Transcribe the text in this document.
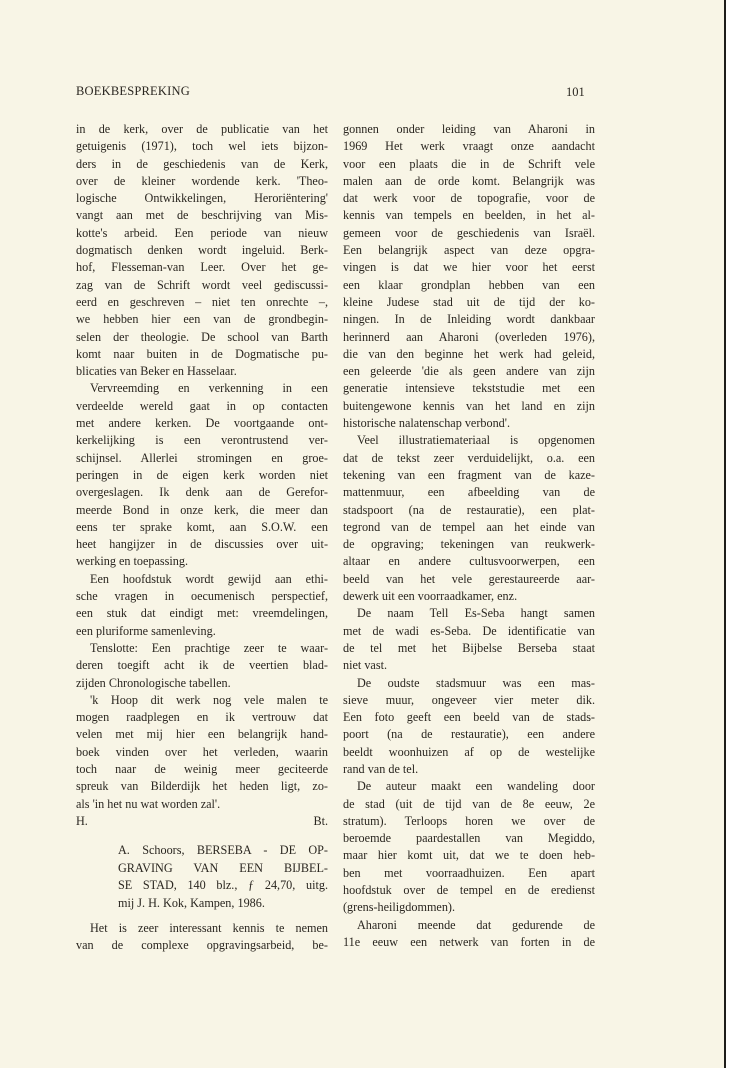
BOEKBESPREKING	101
in de kerk, over de publicatie van het
getuigenis (1971), toch wel iets bijzon-
ders in de geschiedenis van de Kerk,
over de kleiner wordende kerk. 'Theo-
logische Ontwikkelingen, Heroriëntering'
vangt aan met de beschrijving van Mis-
kotte's arbeid. Een periode van nieuw
dogmatisch denken wordt ingeluid. Berk-
hof, Flesseman-van Leer. Over het ge-
zag van de Schrift wordt veel gediscussi-
eerd en geschreven – niet ten onrechte –,
we hebben hier een van de grondbegin-
selen der theologie. De school van Barth
komt naar buiten in de Dogmatische pu-
blicaties van Beker en Hasselaar.
Vervreemding en verkenning in een
verdeelde wereld gaat in op contacten
met andere kerken. De voortgaande ont-
kerkelijking is een verontrustend ver-
schijnsel. Allerlei stromingen en groe-
peringen in de eigen kerk worden niet
overgeslagen. Ik denk aan de Gerefor-
meerde Bond in onze kerk, die meer dan
eens ter sprake komt, aan S.O.W. een
heet hangijzer in de discussies over uit-
werking en toepassing.
Een hoofdstuk wordt gewijd aan ethi-
sche vragen in oecumenisch perspectief,
een stuk dat eindigt met: vreemdelingen,
een pluriforme samenleving.
Tenslotte: Een prachtige zeer te waar-
deren toegift acht ik de veertien blad-
zijden Chronologische tabellen.
'k Hoop dit werk nog vele malen te
mogen raadplegen en ik vertrouw dat
velen met mij hier een belangrijk hand-
boek vinden over het verleden, waarin
toch naar de weinig meer geciteerde
spreuk van Bilderdijk het heden ligt, zo-
als 'in het nu wat worden zal'.
H.	Bt.
A. Schoors, BERSEBA - DE OP-
GRAVING VAN EEN BIJBEL-
SE STAD, 140 blz., ƒ 24,70, uitg.
mij J. H. Kok, Kampen, 1986.
Het is zeer interessant kennis te nemen
van de complexe opgravingsarbeid, be-
gonnen onder leiding van Aharoni in
1969 Het werk vraagt onze aandacht
voor een plaats die in de Schrift vele
malen aan de orde komt. Belangrijk was
dat werk voor de topografie, voor de
kennis van tempels en beelden, in het al-
gemeen voor de geschiedenis van Israël.
Een belangrijk aspect van deze opgra-
vingen is dat we hier voor het eerst
een klaar grondplan hebben van een
kleine Judese stad uit de tijd der ko-
ningen. In de Inleiding wordt dankbaar
herinnerd aan Aharoni (overleden 1976),
die van den beginne het werk had geleid,
een geleerde 'die als geen andere van zijn
generatie intensieve tekststudie met een
buitengewone kennis van het land en zijn
historische nalatenschap verbond'.
Veel illustratiemateriaal is opgenomen
dat de tekst zeer verduidelijkt, o.a. een
tekening van een fragment van de kaze-
mattenmuur, een afbeelding van de
stadspoort (na de restauratie), een plat-
tegrond van de tempel aan het einde van
de opgraving; tekeningen van reukwerk-
altaar en andere cultusvoorwerpen, een
beeld van het vele gerestaureerde aar-
dewerk uit een voorraadkamer, enz.
De naam Tell Es-Seba hangt samen
met de wadi es-Seba. De identificatie van
de tel met het Bijbelse Berseba staat
niet vast.
De oudste stadsmuur was een mas-
sieve muur, ongeveer vier meter dik.
Een foto geeft een beeld van de stads-
poort (na de restauratie), een andere
beeldt woonhuizen af op de westelijke
rand van de tel.
De auteur maakt een wandeling door
de stad (uit de tijd van de 8e eeuw, 2e
stratum). Terloops horen we over de
beroemde paardestallen van Megiddo,
maar hier komt uit, dat we te doen heb-
ben met voorraadhuizen. Een apart
hoofdstuk over de tempel en de eredienst
(grens-heiligdommen).
Aharoni meende dat gedurende de
11e eeuw een netwerk van forten in de
